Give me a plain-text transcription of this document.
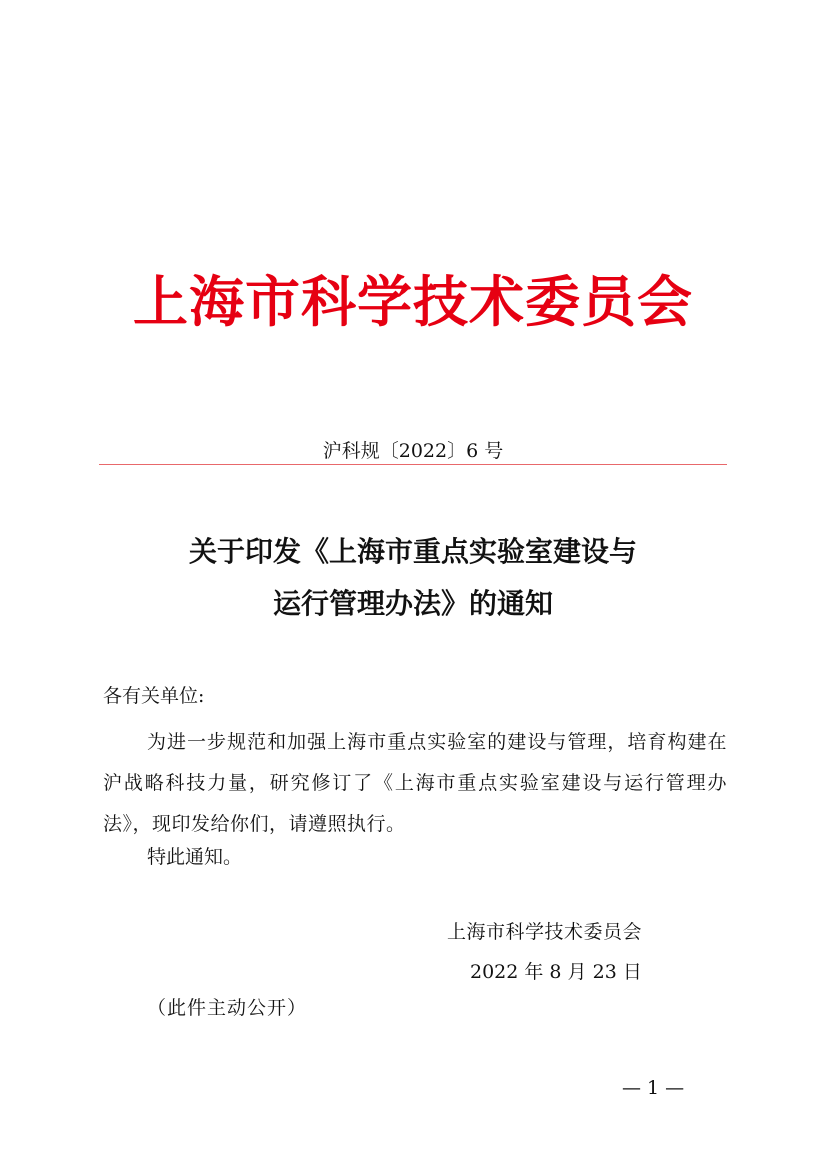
上海市科学技术委员会
沪科规〔2022〕6 号
关于印发《上海市重点实验室建设与
运行管理办法》的通知
各有关单位:
为进一步规范和加强上海市重点实验室的建设与管理，培育构建在沪战略科技力量，研究修订了《上海市重点实验室建设与运行管理办法》，现印发给你们，请遵照执行。
特此通知。
上海市科学技术委员会
2022 年 8 月 23 日
（此件主动公开）
— 1 —
